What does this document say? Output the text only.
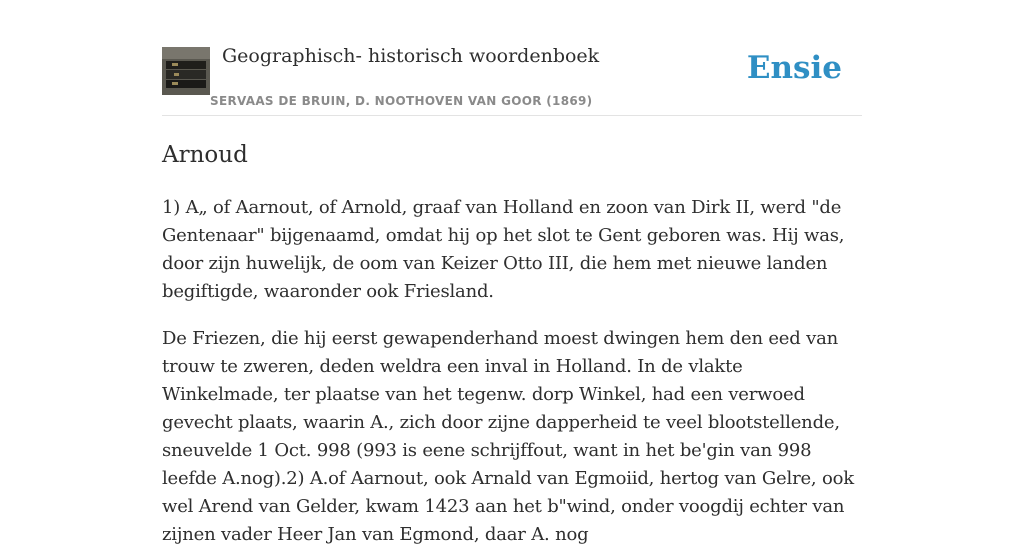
Geographisch- historisch woordenboek
SERVAAS DE BRUIN, D. NOOTHOVEN VAN GOOR (1869)
Ensie
Arnoud

1) A„ of Aarnout, of Arnold, graaf van Holland en zoon van Dirk II, werd "de Gentenaar" bijgenaamd, omdat hij op het slot te Gent geboren was. Hij was, door zijn huwelijk, de oom van Keizer Otto III, die hem met nieuwe landen begiftigde, waaronder ook Friesland.

De Friezen, die hij eerst gewapenderhand moest dwingen hem den eed van trouw te zweren, deden weldra een inval in Holland. In de vlakte Winkelmade, ter plaatse van het tegenw. dorp Winkel, had een verwoed gevecht plaats, waarin A., zich door zijne dapperheid te veel blootstellende, sneuvelde 1 Oct. 998 (993 is eene schrijffout, want in het be'gin van 998 leefde A.nog).2) A.of Aarnout, ook Arnald van Egmoiid, hertog van Gelre, ook wel Arend van Gelder, kwam 1423 aan het b"wind, onder voogdij echter van zijnen vader Heer Jan van Egmond, daar A. nog
